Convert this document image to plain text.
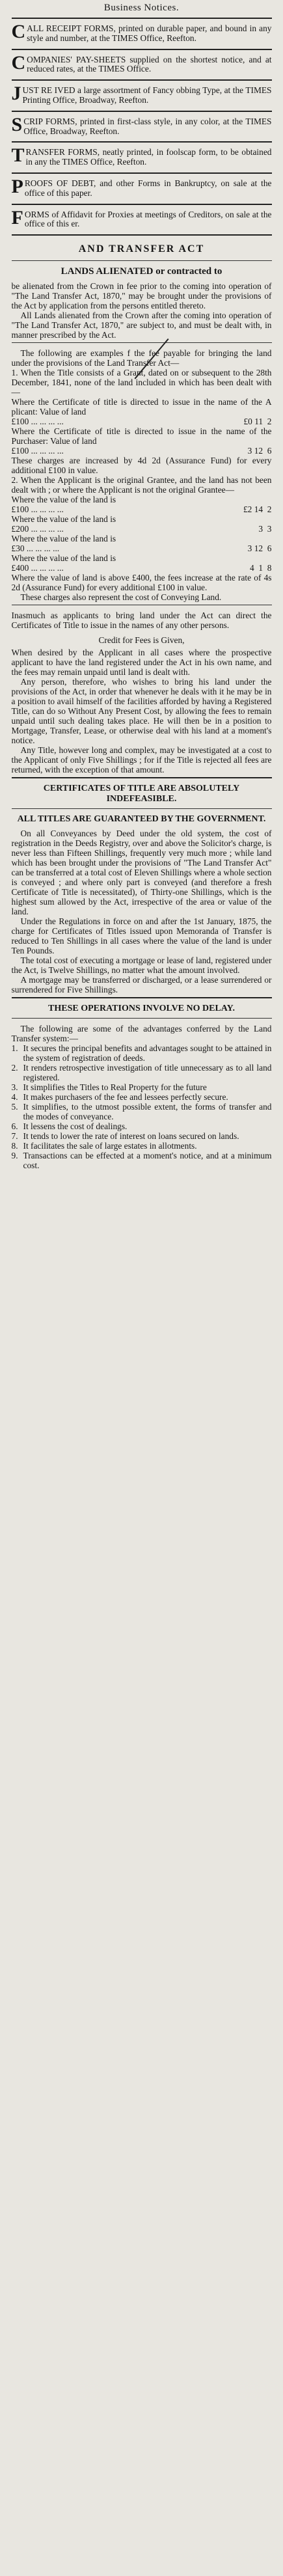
Business Notices.
CALL RECEIPT FORMS, printed on durable paper, and bound in any style and number, at the TIMES Office, Reefton.
COMPANIES' PAY-SHEETS supplied on the shortest notice, and at reduced rates, at the TIMES Office.
JUST RE IVED a large assortment of Fancy obbing Type, at the TIMES Printing Office, Broadway, Reefton.
SCRIP FORMS, printed in first-class style, in any color, at the TIMES Office, Broadway, Reefton.
TRANSFER FORMS, neatly printed, in foolscap form, to be obtained in any the TIMES Office, Reefton.
PROOFS OF DEBT, and other Forms in Bankruptcy, on sale at the office of this paper.
FORMS of Affidavit for Proxies at meetings of Creditors, on sale at the office of this er.
AND TRANSFER ACT
LANDS ALIENATED or contracted to

be alienated from the Crown in fee prior to the coming into operation of "The Land Transfer Act, 1870," may be brought under the provisions of the Act by application from the persons entitled thereto.

All Lands alienated from the Crown after the coming into operation of "The Land Transfer Act, 1870," are subject to, and must be dealt with, in manner prescribed by the Act.

The following are examples f the fee payable for bringing the land under the provisions of the Land Transfer Act—

1. When the Title consists of a Grant, dated on or subsequent to the 28th December, 1841, none of the land included in which has been dealt with—

Where the Certificate of title is directed to issue in the name of the A plicant: Value of land

£100 ... ... ... ...	£0 11  2

Where the Certificate of title is directed to issue in the name of the Purchaser: Value of land

£100 ... ... ... ...	3 12  6

These charges are increased by 4d 2d (Assurance Fund) for every additional £100 in value.

2. When the Applicant is the original Grantee, and the land has not been dealt with ; or where the Applicant is not the original Grantee—

Where the value of the land is

£100 ... ... ... ...	£2 14  2

Where the value of the land is

£200 ... ... ... ...	3  3

Where the value of the land is

£30 ... ... ... ...	3 12  6

Where the value of the land is

£400 ... ... ... ...	4  1  8

Where the value of land is above £400, the fees increase at the rate of 4s 2d (Assurance Fund) for every additional £100 in value.

These charges also represent the cost of Conveying Land.

Inasmuch as applicants to bring land under the Act can direct the Certificates of Title to issue in the names of any other persons.

Credit for Fees is Given,

When desired by the Applicant in all cases where the prospective applicant to have the land registered under the Act in his own name, and the fees may remain unpaid until land is dealt with.

Any person, therefore, who wishes to bring his land under the provisions of the Act, in order that whenever he deals with it he may be in a position to avail himself of the facilities afforded by having a Registered Title, can do so Without Any Present Cost, by allowing the fees to remain unpaid until such dealing takes place. He will then be in a position to Mortgage, Transfer, Lease, or otherwise deal with his land at a moment's notice.

Any Title, however long and complex, may be investigated at a cost to the Applicant of only Five Shillings ; for if the Title is rejected all fees are returned, with the exception of that amount.

CERTIFICATES OF TITLE ARE ABSOLUTELY INDEFEASIBLE.
ALL TITLES ARE GUARANTEED BY THE GOVERNMENT.

On all Conveyances by Deed under the old system, the cost of registration in the Deeds Registry, over and above the Solicitor's charge, is never less than Fifteen Shillings, frequently very much more ; while land which has been brought under the provisions of "The Land Transfer Act" can be transferred at a total cost of Eleven Shillings where a whole section is conveyed ; and where only part is conveyed (and therefore a fresh Certificate of Title is necessitated), of Thirty-one Shillings, which is the highest sum allowed by the Act, irrespective of the area or value of the land.

Under the Regulations in force on and after the 1st January, 1875, the charge for Certificates of Titles issued upon Memoranda of Transfer is reduced to Ten Shillings in all cases where the value of the land is under Ten Pounds.

The total cost of executing a mortgage or lease of land, registered under the Act, is Twelve Shillings, no matter what the amount involved.

A mortgage may be transferred or discharged, or a lease surrendered or surrendered for Five Shillings.

THESE OPERATIONS INVOLVE NO DELAY.

The following are some of the advantages conferred by the Land Transfer system:—

1. It secures the principal benefits and advantages sought to be attained in the system of registration of deeds.
2. It renders retrospective investigation of title unnecessary as to all land registered.
3. It simplifies the Titles to Real Property for the future
4. It makes purchasers of the fee and lessees perfectly secure.
5. It simplifies, to the utmost possible extent, the forms of transfer and the modes of conveyance.
6. It lessens the cost of dealings.
7. It tends to lower the rate of interest on loans secured on lands.
8. It facilitates the sale of large estates in allotments.
9. Transactions can be effected at a moment's notice, and at a minimum cost.
